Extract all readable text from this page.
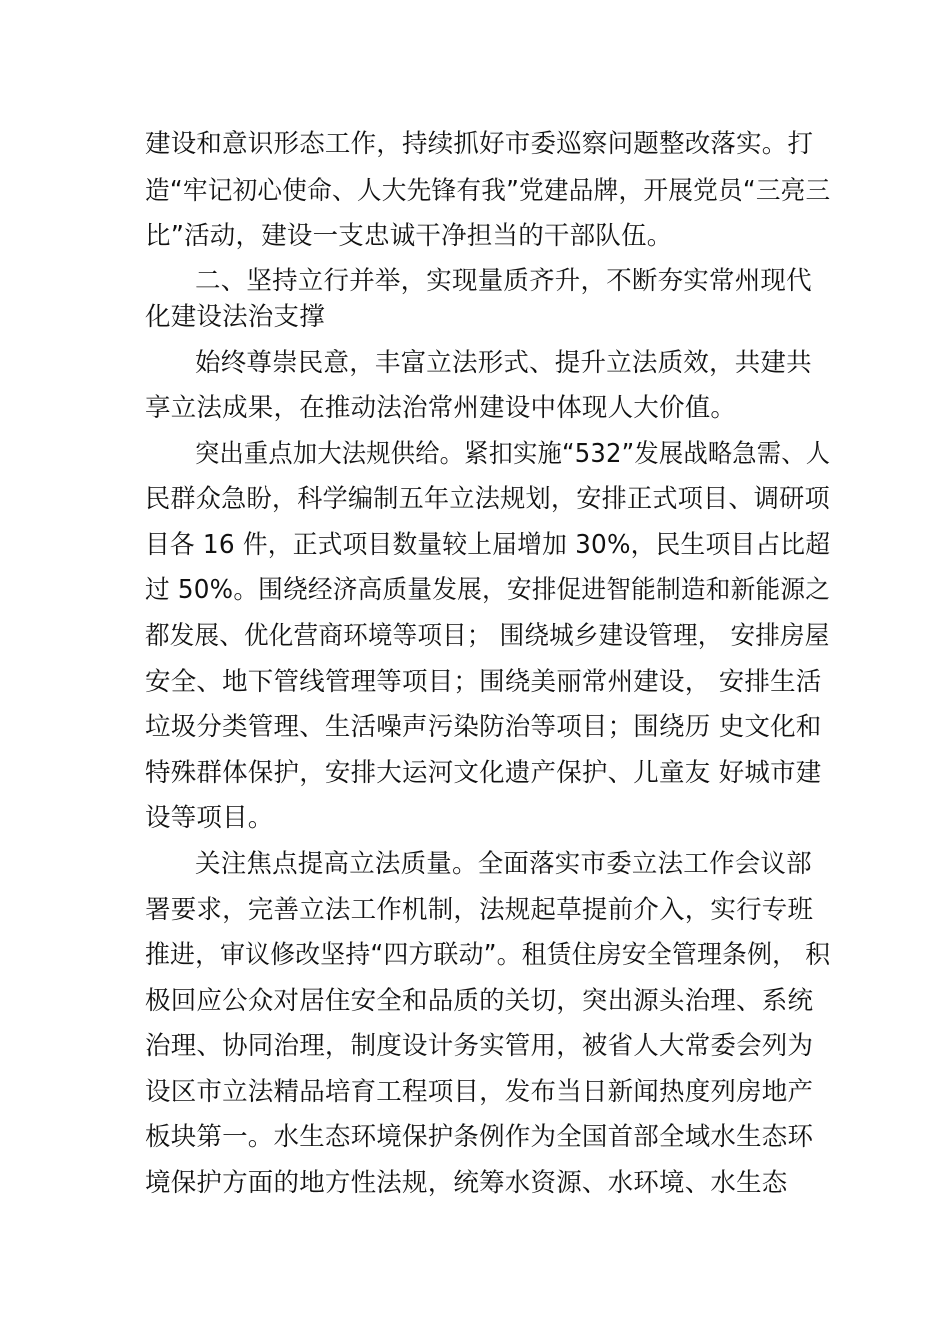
建设和意识形态工作，持续抓好市委巡察问题整改落实。打
造“牢记初心使命、人大先锋有我”党建品牌，开展党员“三亮三
比”活动，建设一支忠诚干净担当的干部队伍。
二、坚持立行并举，实现量质齐升，不断夯实常州现代
化建设法治支撑
始终尊崇民意，丰富立法形式、提升立法质效，共建共
享立法成果，在推动法治常州建设中体现人大价值。
突出重点加大法规供给。紧扣实施“532”发展战略急需、人
民群众急盼，科学编制五年立法规划，安排正式项目、调研项
目各 16 件，正式项目数量较上届增加 30%，民生项目占比超
过 50%。围绕经济高质量发展，安排促进智能制造和新能源之
都发展、优化营商环境等项目； 围绕城乡建设管理， 安排房屋
安全、地下管线管理等项目；围绕美丽常州建设， 安排生活
垃圾分类管理、生活噪声污染防治等项目；围绕历 史文化和
特殊群体保护，安排大运河文化遗产保护、儿童友 好城市建
设等项目。
关注焦点提高立法质量。全面落实市委立法工作会议部
署要求，完善立法工作机制，法规起草提前介入，实行专班
推进，审议修改坚持“四方联动”。租赁住房安全管理条例， 积
极回应公众对居住安全和品质的关切，突出源头治理、系统
治理、协同治理，制度设计务实管用，被省人大常委会列为
设区市立法精品培育工程项目，发布当日新闻热度列房地产
板块第一。水生态环境保护条例作为全国首部全域水生态环
境保护方面的地方性法规，统筹水资源、水环境、水生态
